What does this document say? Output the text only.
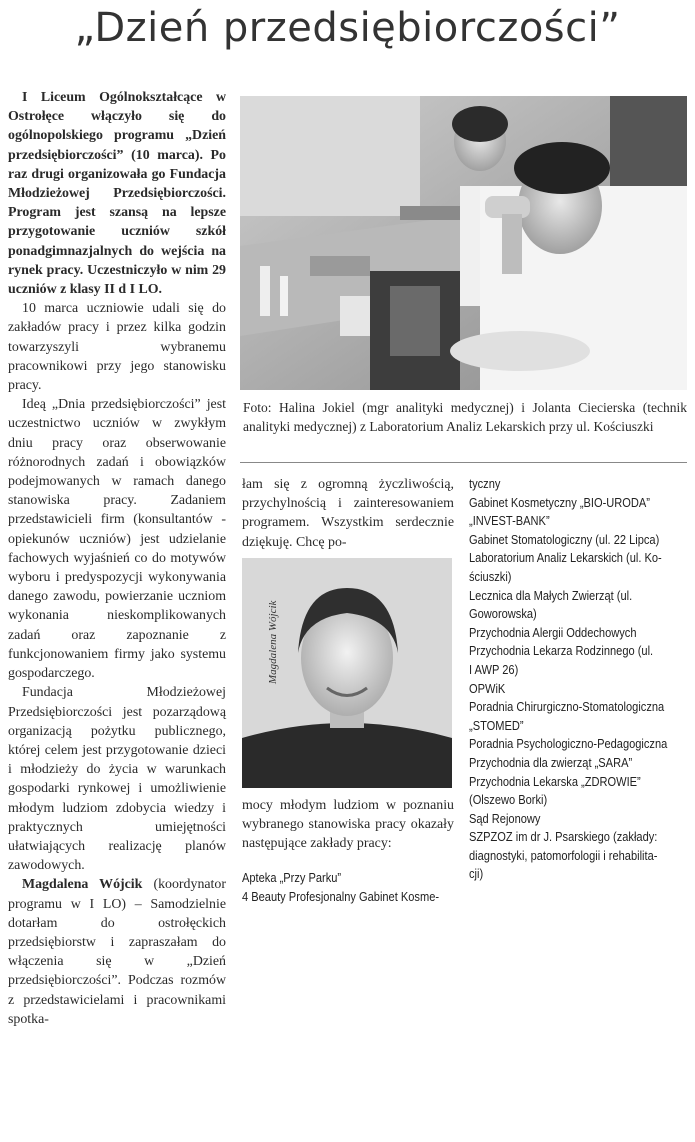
„Dzień przedsiębiorczości”

I Liceum Ogólnokształcące w Ostrołęce włączyło się do ogólnopolskiego programu „Dzień przedsiębiorczości” (10 marca). Po raz drugi organizowała go Fundacja Młodzieżowej Przedsiębiorczości. Program jest szansą na lepsze przygotowanie uczniów szkół ponadgimnazjalnych do wejścia na rynek pracy. Uczestniczyło w nim 29 uczniów z klasy II d I LO.

10 marca uczniowie udali się do zakładów pracy i przez kilka godzin towarzyszyli wybranemu pracownikowi przy jego stanowisku pracy.

Ideą „Dnia przedsiębiorczości” jest uczestnictwo uczniów w zwykłym dniu pracy oraz obserwowanie różnorodnych zadań i obowiązków podejmowanych w ramach danego stanowiska pracy. Zadaniem przedstawicieli firm (konsultantów - opiekunów uczniów) jest udzielanie fachowych wyjaśnień co do motywów wyboru i predyspozycji wykonywania danego zawodu, powierzanie uczniom wykonania nieskomplikowanych zadań oraz zapoznanie z funkcjonowaniem firmy jako systemu gospodarczego.

Fundacja Młodzieżowej Przedsiębiorczości jest pozarządową organizacją pożytku publicznego, której celem jest przygotowanie dzieci i młodzieży do życia w warunkach gospodarki rynkowej i umożliwienie młodym ludziom zdobycia wiedzy i praktycznych umiejętności ułatwiających realizację planów zawodowych.

Magdalena Wójcik (koordynator programu w I LO) – Samodzielnie dotarłam do ostrołęckich przedsiębiorstw i zapraszałam do włączenia się w „Dzień przedsiębiorczości”. Podczas rozmów z przedstawicielami i pracownikami spotka-

Foto: Halina Jokiel (mgr analityki medycznej) i Jolanta Ciecierska (technik analityki medycznej) z Laboratorium Analiz Lekarskich przy ul. Kościuszki

łam się z ogromną życzliwością, przychylnością i zainteresowaniem programem. Wszystkim serdecznie dziękuję. Chcę po-

Magdalena Wójcik

mocy młodym ludziom w poznaniu wybranego stanowiska pracy okazały następujące zakłady pracy:

Apteka „Przy Parku”
4 Beauty Profesjonalny Gabinet Kosme-
tyczny
Gabinet Kosmetyczny „BIO-URODA”
„INVEST-BANK”
Gabinet Stomatologiczny (ul. 22 Lipca)
Laboratorium Analiz Lekarskich (ul. Ko-
ściuszki)
Lecznica dla Małych Zwierząt (ul. Goworowska)
Przychodnia Alergii Oddechowych
Przychodnia Lekarza Rodzinnego (ul.
I AWP 26)
OPWiK
Poradnia Chirurgiczno-Stomatologiczna
„STOMED”
Poradnia Psychologiczno-Pedagogiczna
Przychodnia dla zwierząt „SARA”
Przychodnia Lekarska „ZDROWIE” (Olszewo Borki)
Sąd Rejonowy
SZPZOZ im dr J. Psarskiego (zakłady:
diagnostyki, patomorfologii i rehabilita-
cji)
